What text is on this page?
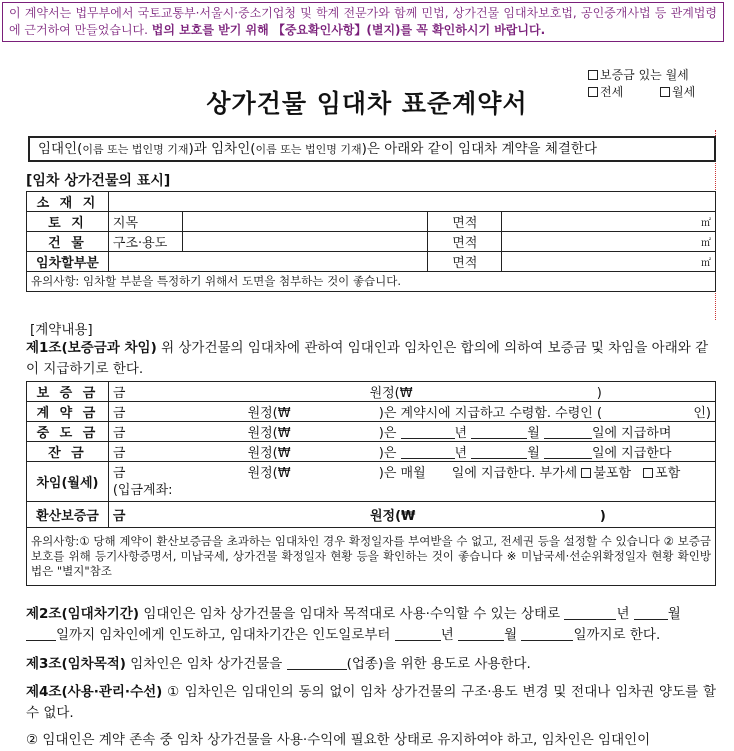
이 계약서는 법무부에서 국토교통부·서울시·중소기업청 및 학계 전문가와 함께 민법, 상가건물 임대차보호법, 공인중개사법 등 관계법령에 근거하여 만들었습니다. 법의 보호를 받기 위해 【중요확인사항】(별지)를 꼭 확인하시기 바랍니다.
보증금 있는 월세
전세	월세
상가건물 임대차 표준계약서
임대인(이름 또는 법인명 기재)과 임차인(이름 또는 법인명 기재)은 아래와 같이 임대차 계약을 체결한다
[임차 상가건물의 표시]
소 재 지				
토 지	지목		면적	㎡
건 물	구조·용도		면적	㎡
임차할부분			면적	㎡
유의사항: 임차할 부분을 특정하기 위해서 도면을 첨부하는 것이 좋습니다.				
[계약내용]
제1조(보증금과 차임) 위 상가건물의 임대차에 관하여 임대인과 임차인은 합의에 의하여 보증금 및 차임을 아래와 같이 지급하기로 한다.
보 증 금	금 원정(₩ )
계 약 금	금 원정(₩ )은 계약시에 지급하고 수령함. 수령인 ( 인)

중 도 금	금 원정(₩ )은 년 월 일에 지급하며
잔 금	금 원정(₩ )은 년 월 일에 지급한다
차임(월세)	금 원정(₩ )은 매월 일에 지급한다. 부가세 불포함 포함
(입금계좌:
환산보증금	금 원정(₩ )
유의사항:① 당해 계약이 환산보증금을 초과하는 임대차인 경우 확정일자를 부여받을 수 없고, 전세권 등을 설정할 수 있습니다 ② 보증금 보호를 위해 등기사항증명서, 미납국세, 상가건물 확정일자 현황 등을 확인하는 것이 좋습니다 ※ 미납국세·선순위확정일자 현황 확인방법은 "별지"참조	
제2조(임대차기간) 임대인은 임차 상가건물을 임대차 목적대로 사용·수익할 수 있는 상태로	년	월
일까지 임차인에게 인도하고, 임대차기간은 인도일로부터	년	월	일까지로 한다.
제3조(임차목적) 임차인은 임차 상가건물을	(업종)을 위한 용도로 사용한다.
제4조(사용·관리·수선) ① 임차인은 임대인의 동의 없이 임차 상가건물의 구조·용도 변경 및 전대나 임차권 양도를 할 수 없다.
② 임대인은 계약 존속 중 임차 상가건물을 사용·수익에 필요한 상태로 유지하여야 하고, 임차인은 임대인이
